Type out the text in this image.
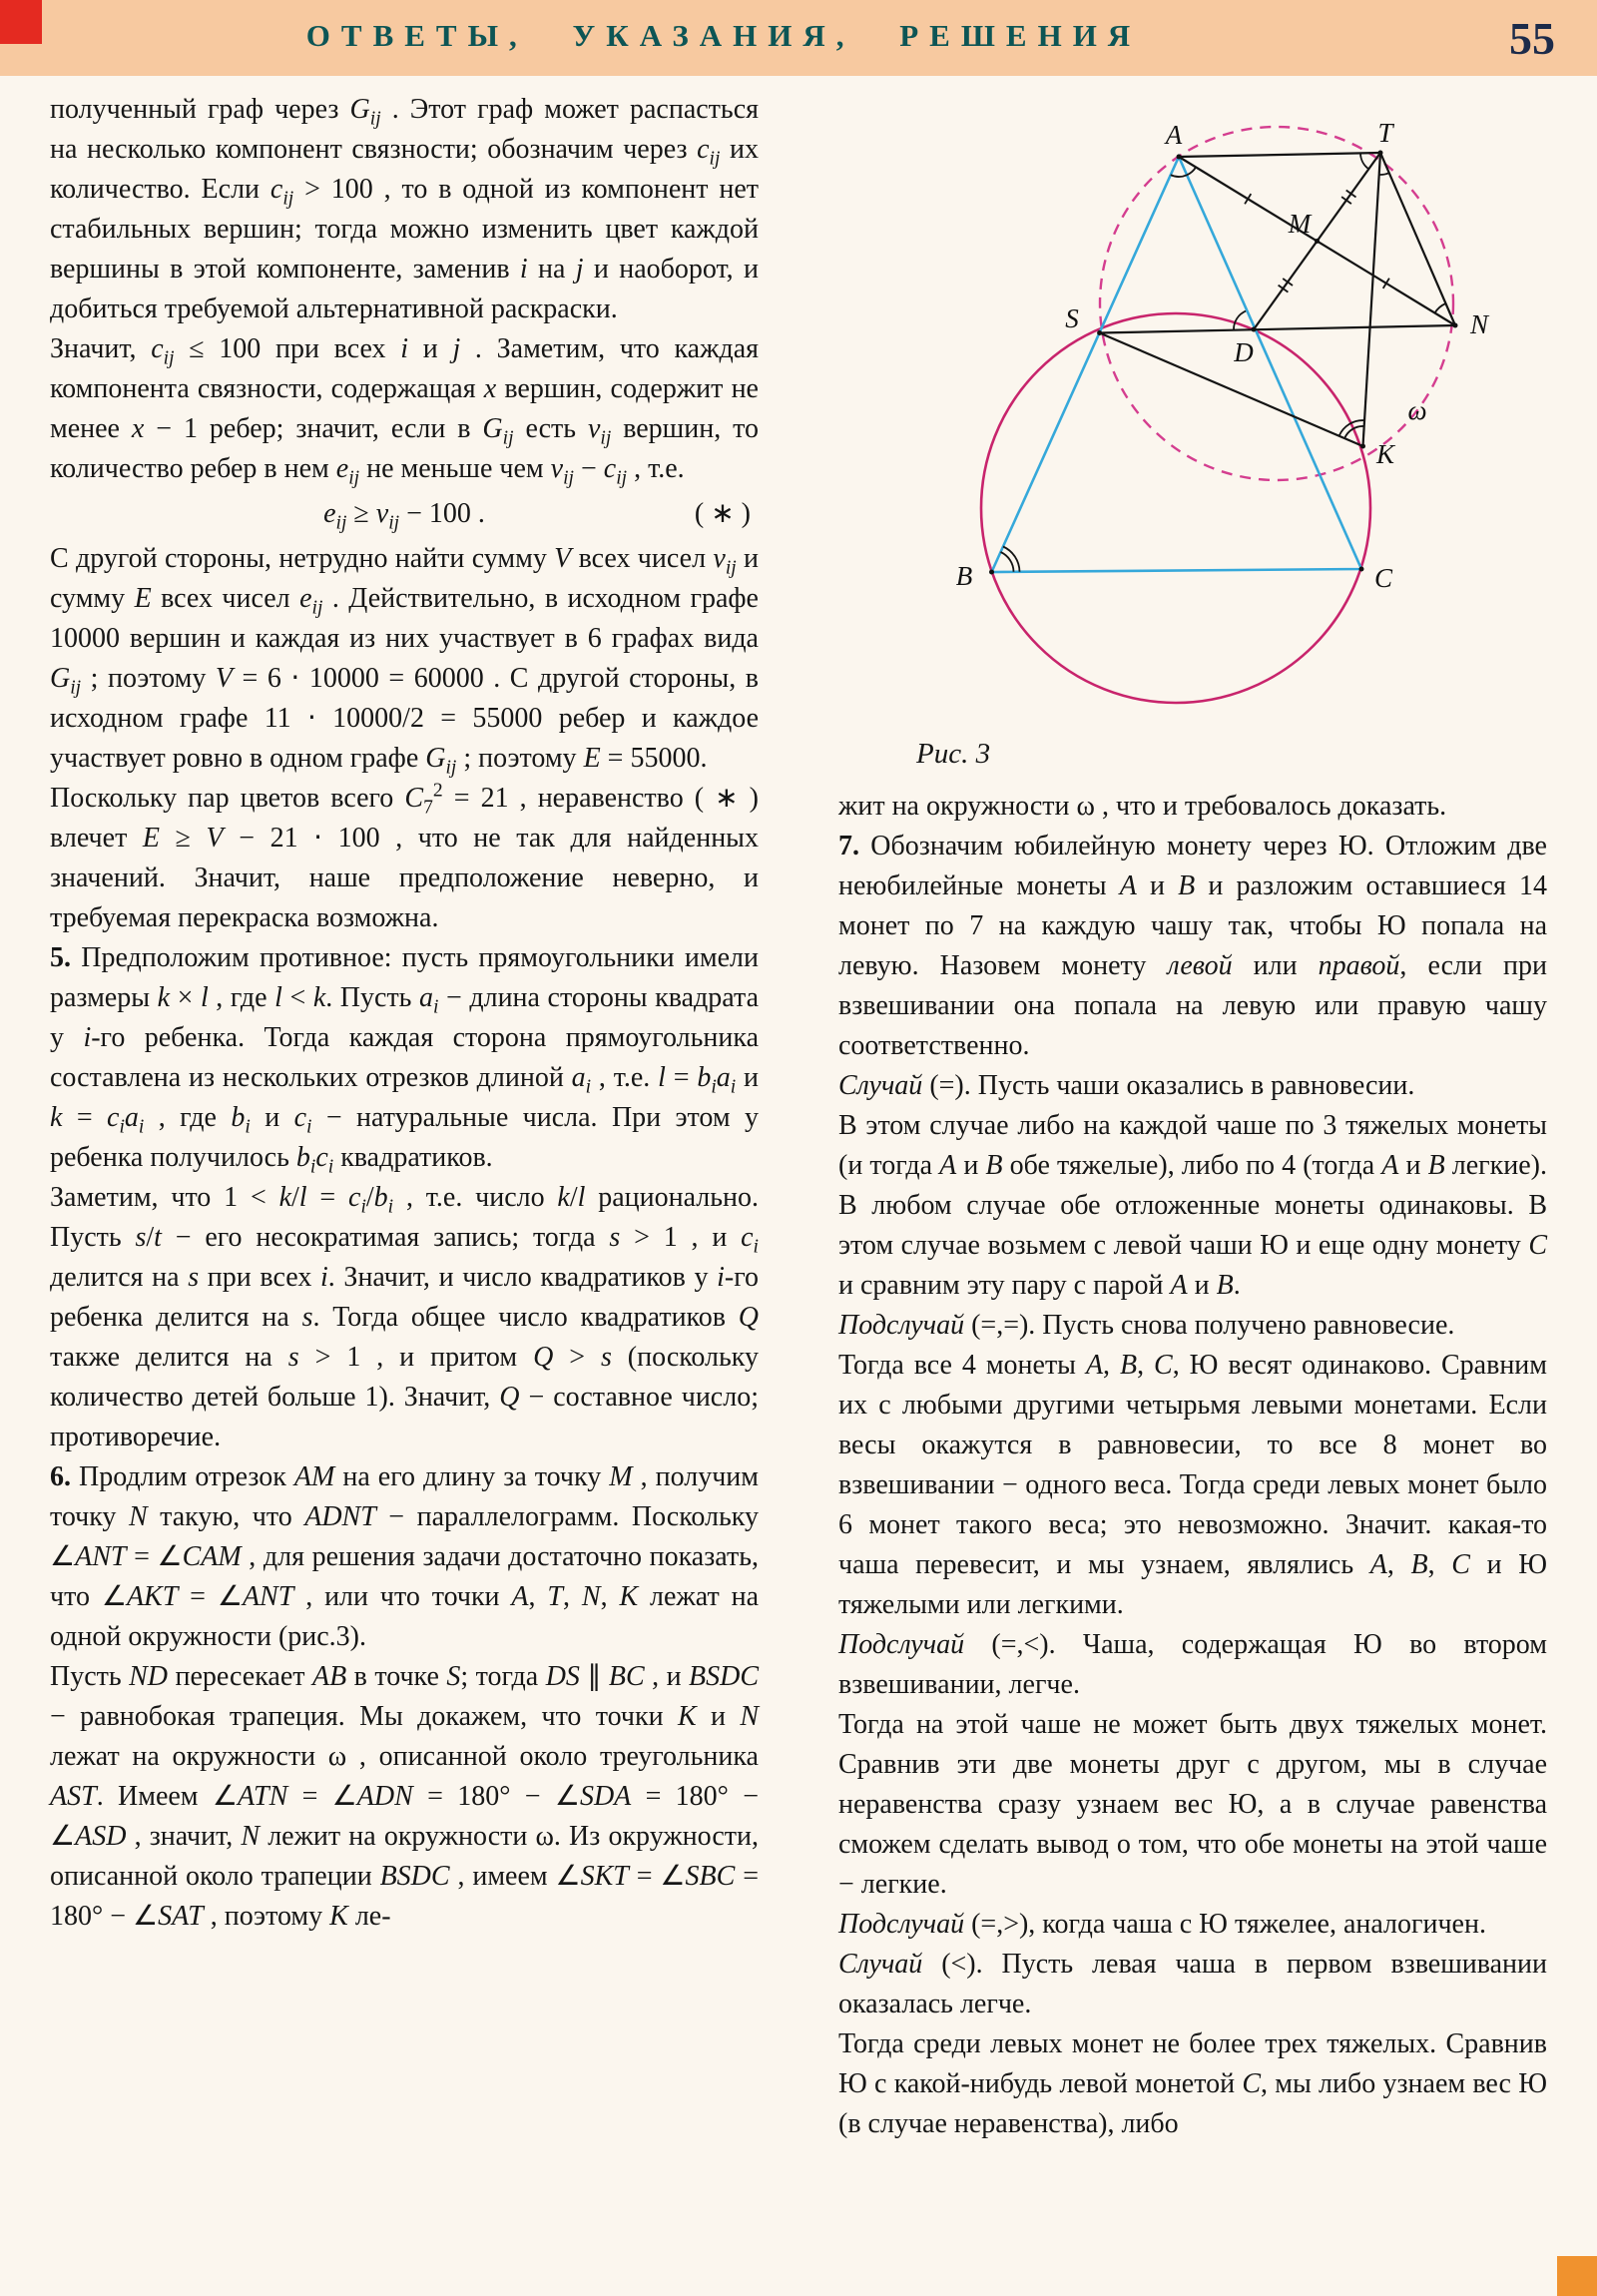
ОТВЕТЫ, УКАЗАНИЯ, РЕШЕНИЯ	55

полученный граф через $G_{ij}$ . Этот граф может распасться на несколько компонент связности; обозначим через $c_{ij}$ их количество. Если $c_{ij} > 100$ , то в одной из компонент нет стабильных вершин; тогда можно изменить цвет каждой вершины в этой компоненте, заменив i на j и наоборот, и добиться требуемой альтернативной раскраски.

Значит, $c_{ij} \le 100$ при всех i и j . Заметим, что каждая компонента связности, содержащая x вершин, содержит не менее x − 1 ребер; значит, если в $G_{ij}$ есть $v_{ij}$ вершин, то количество ребер в нем $e_{ij}$ не меньше чем $v_{ij} - c_{ij}$ , т.е.

$e_{ij} \ge v_{ij} - 100$ .	( ∗ )

С другой стороны, нетрудно найти сумму V всех чисел $v_{ij}$ и сумму E всех чисел $e_{ij}$ . Действительно, в исходном графе 10000 вершин и каждая из них участвует в 6 графах вида $G_{ij}$ ; поэтому V = 6 ⋅ 10000 = 60000 . С другой стороны, в исходном графе 11 ⋅ 10000/2 = 55000 ребер и каждое участвует ровно в одном графе $G_{ij}$ ; поэтому E = 55000.

Поскольку пар цветов всего $C_7^2 = 21$ , неравенство ( ∗ ) влечет E ≥ V − 21 ⋅ 100 , что не так для найденных значений. Значит, наше предположение неверно, и требуемая перекраска возможна.

5. Предположим противное: пусть прямоугольники имели размеры k × l , где l < k. Пусть $a_i$ − длина стороны квадрата у i-го ребенка. Тогда каждая сторона прямоугольника составлена из нескольких отрезков длиной $a_i$ , т.е. $l = b_ia_i$ и $k = c_ia_i$ , где $b_i$ и $c_i$ − натуральные числа. При этом у ребенка получилось $b_ic_i$ квадратиков.

Заметим, что $1 < k/l = c_i/b_i$ , т.е. число k/l рационально. Пусть s/t − его несократимая запись; тогда s > 1 , и $c_i$ делится на s при всех i. Значит, и число квадратиков у i-го ребенка делится на s. Тогда общее число квадратиков Q также делится на s > 1 , и притом Q > s (поскольку количество детей больше 1). Значит, Q − составное число; противоречие.

6. Продлим отрезок AM на его длину за точку M , получим точку N такую, что ADNT − параллелограмм. Поскольку ∠ANT = ∠CAM , для решения задачи достаточно показать, что ∠AKT = ∠ANT , или что точки A, T, N, K лежат на одной окружности (рис.3).

Пусть ND пересекает AB в точке S; тогда DS ∥ BC , и BSDC − равнобокая трапеция. Мы докажем, что точки K и N лежат на окружности ω , описанной около треугольника AST. Имеем ∠ATN = ∠ADN = 180° − ∠SDA = 180° − ∠ASD , значит, N лежит на окружности ω. Из окружности, описанной около трапеции BSDC , имеем ∠SKT = ∠SBC = 180° − ∠SAT , поэтому K ле-

A	T
M
S
D
N
ω
K
B	C
Рис. 3

жит на окружности ω , что и требовалось доказать.

7. Обозначим юбилейную монету через Ю. Отложим две неюбилейные монеты A и B и разложим оставшиеся 14 монет по 7 на каждую чашу так, чтобы Ю попала на левую. Назовем монету левой или правой, если при взвешивании она попала на левую или правую чашу соответственно.

Случай (=). Пусть чаши оказались в равновесии.

В этом случае либо на каждой чаше по 3 тяжелых монеты (и тогда A и B обе тяжелые), либо по 4 (тогда A и B легкие). В любом случае обе отложенные монеты одинаковы. В этом случае возьмем с левой чаши Ю и еще одну монету C и сравним эту пару с парой A и B.

Подслучай (=,=). Пусть снова получено равновесие.

Тогда все 4 монеты A, B, C, Ю весят одинаково. Сравним их с любыми другими четырьмя левыми монетами. Если весы окажутся в равновесии, то все 8 монет во взвешивании − одного веса. Тогда среди левых монет было 6 монет такого веса; это невозможно. Значит. какая-то чаша перевесит, и мы узнаем, являлись A, B, C и Ю тяжелыми или легкими.

Подслучай (=,<). Чаша, содержащая Ю во втором взвешивании, легче.

Тогда на этой чаше не может быть двух тяжелых монет. Сравнив эти две монеты друг с другом, мы в случае неравенства сразу узнаем вес Ю, а в случае равенства сможем сделать вывод о том, что обе монеты на этой чаше − легкие.

Подслучай (=,>), когда чаша с Ю тяжелее, аналогичен.

Случай (<). Пусть левая чаша в первом взвешивании оказалась легче.

Тогда среди левых монет не более трех тяжелых. Сравнив Ю с какой-нибудь левой монетой C, мы либо узнаем вес Ю (в случае неравенства), либо
